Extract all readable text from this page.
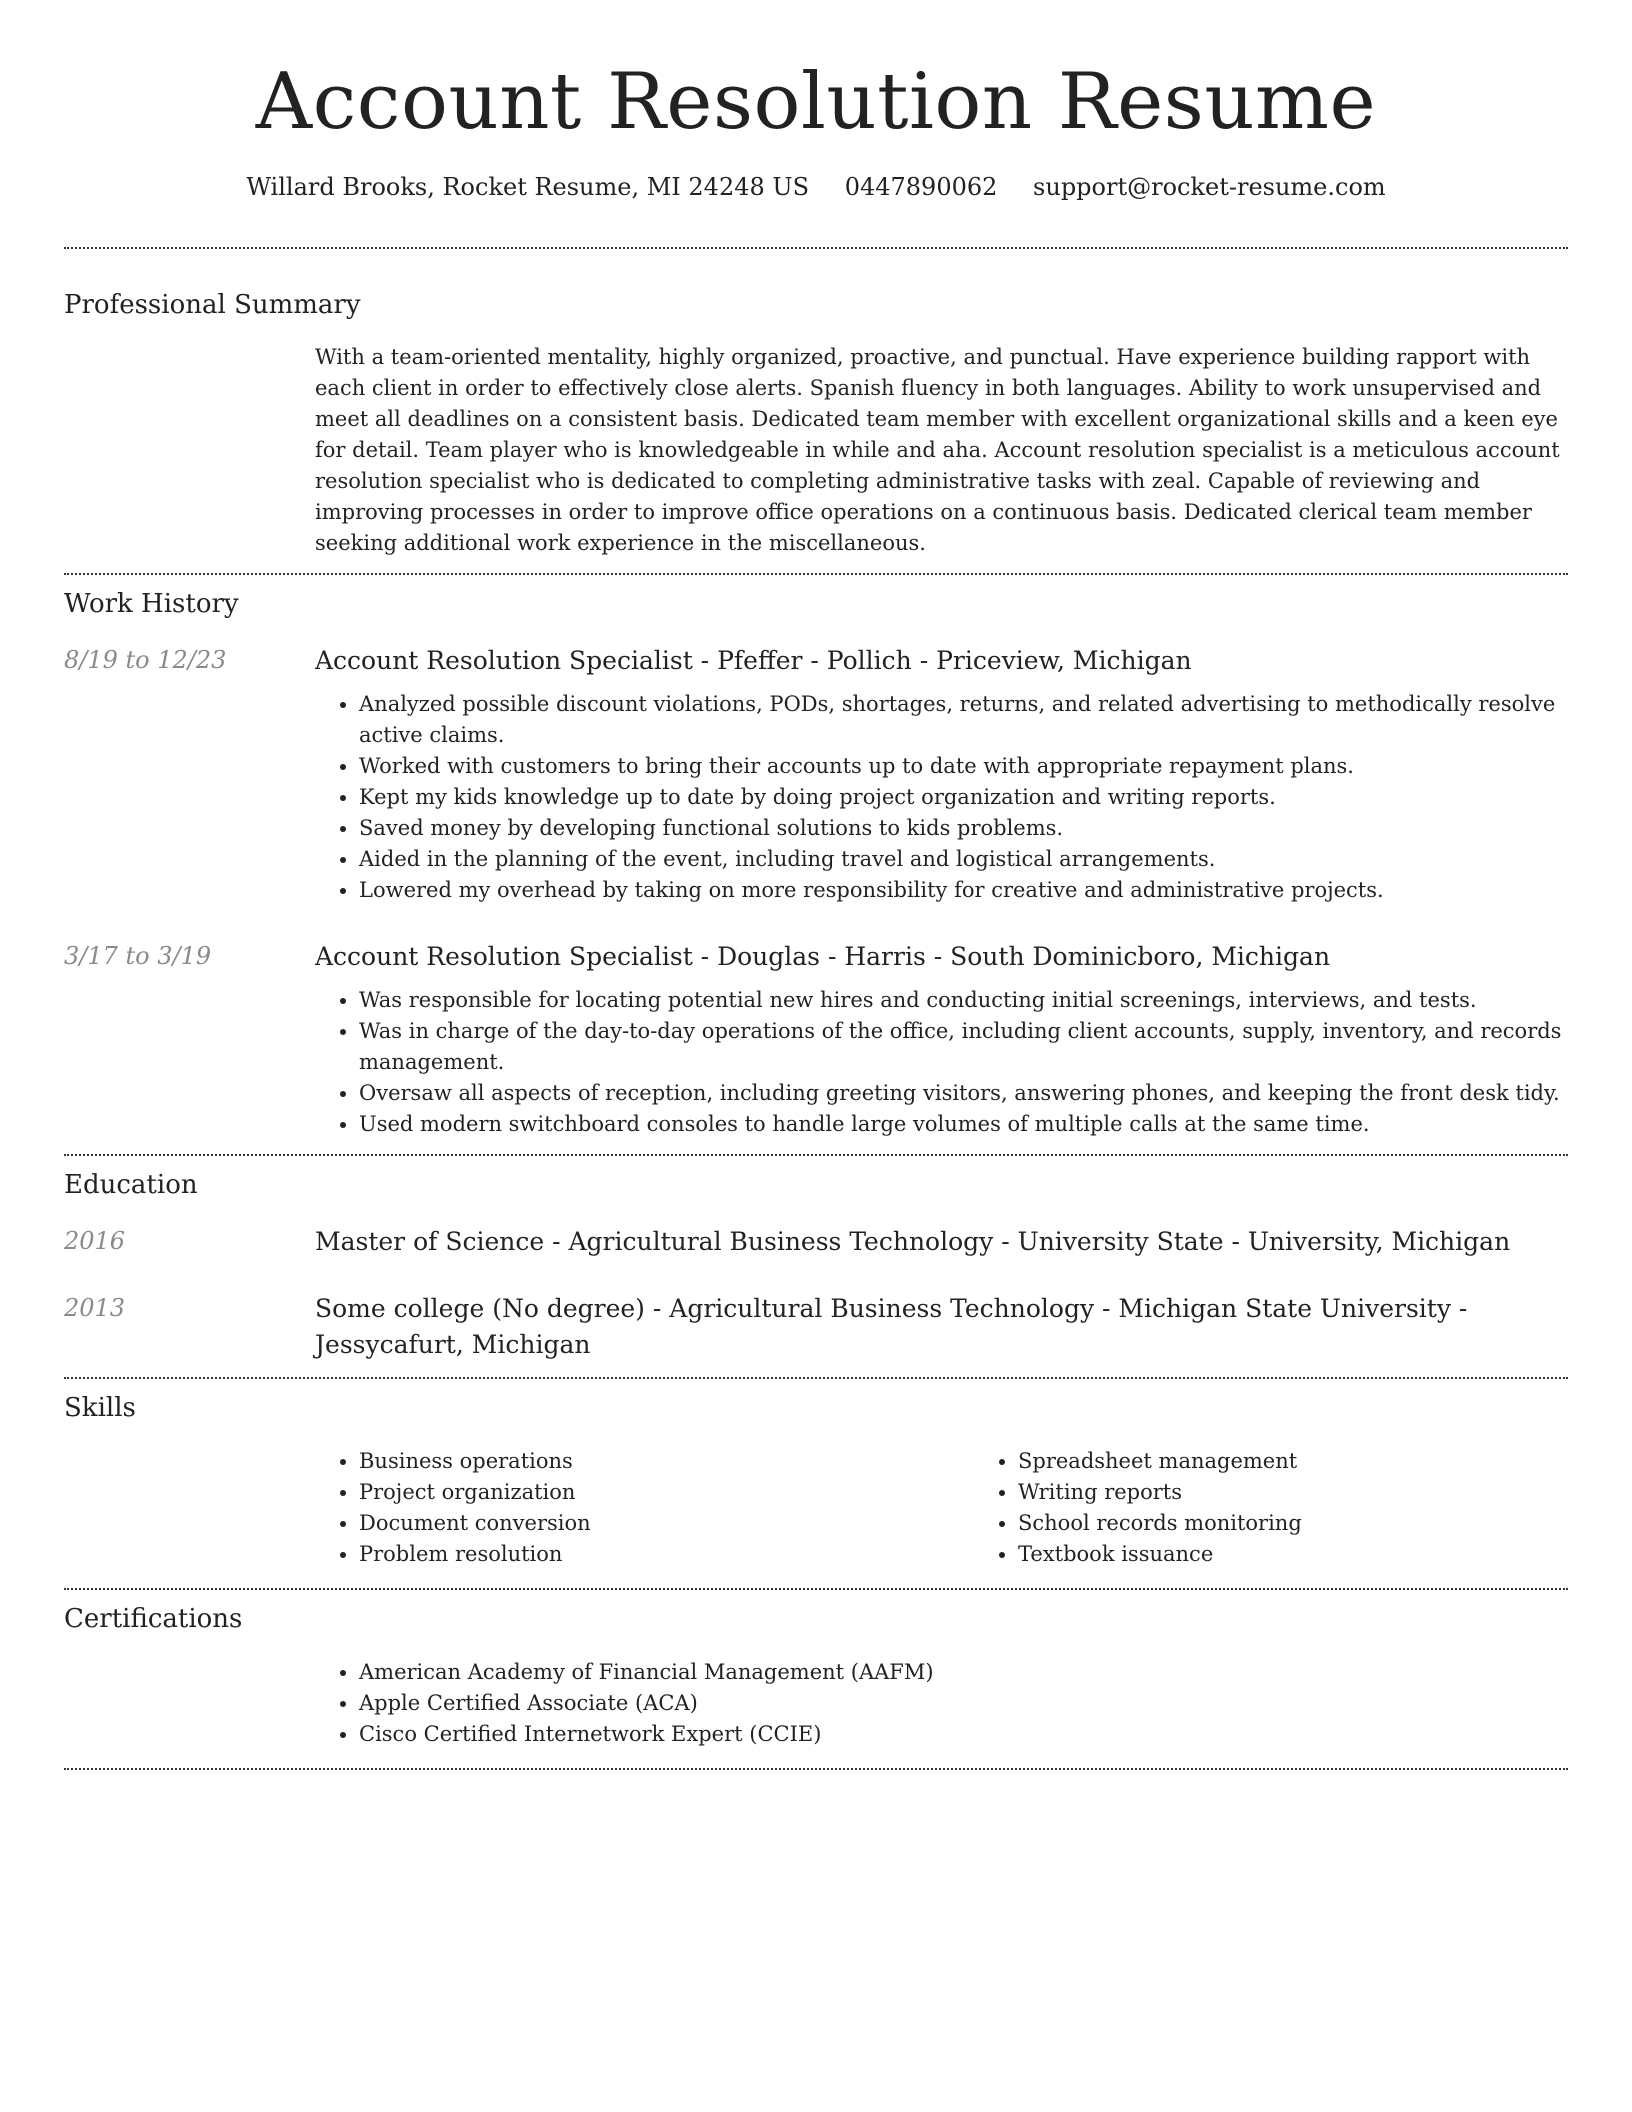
Account Resolution Resume
Willard Brooks, Rocket Resume, MI 24248 US 0447890062 support@rocket-resume.com
Professional Summary

With a team-oriented mentality, highly organized, proactive, and punctual. Have experience building rapport with each client in order to effectively close alerts. Spanish fluency in both languages. Ability to work unsupervised and meet all deadlines on a consistent basis. Dedicated team member with excellent organizational skills and a keen eye for detail. Team player who is knowledgeable in while and aha. Account resolution specialist is a meticulous account resolution specialist who is dedicated to completing administrative tasks with zeal. Capable of reviewing and improving processes in order to improve office operations on a continuous basis. Dedicated clerical team member seeking additional work experience in the miscellaneous.

Work History
8/19 to 12/23	Account Resolution Specialist - Pfeffer - Pollich - Priceview, Michigan
• Analyzed possible discount violations, PODs, shortages, returns, and related advertising to methodically resolve active claims.
• Worked with customers to bring their accounts up to date with appropriate repayment plans.
• Kept my kids knowledge up to date by doing project organization and writing reports.
• Saved money by developing functional solutions to kids problems.
• Aided in the planning of the event, including travel and logistical arrangements.
• Lowered my overhead by taking on more responsibility for creative and administrative projects.
3/17 to 3/19	Account Resolution Specialist - Douglas - Harris - South Dominicboro, Michigan
• Was responsible for locating potential new hires and conducting initial screenings, interviews, and tests.
• Was in charge of the day-to-day operations of the office, including client accounts, supply, inventory, and records management.
• Oversaw all aspects of reception, including greeting visitors, answering phones, and keeping the front desk tidy.
• Used modern switchboard consoles to handle large volumes of multiple calls at the same time.
Education
2016	Master of Science - Agricultural Business Technology - University State - University, Michigan
2013	Some college (No degree) - Agricultural Business Technology - Michigan State University - Jessycafurt, Michigan
Skills
• Business operations
• Project organization
• Document conversion
• Problem resolution
• Spreadsheet management
• Writing reports
• School records monitoring
• Textbook issuance
Certifications
• American Academy of Financial Management (AAFM)
• Apple Certified Associate (ACA)
• Cisco Certified Internetwork Expert (CCIE)
